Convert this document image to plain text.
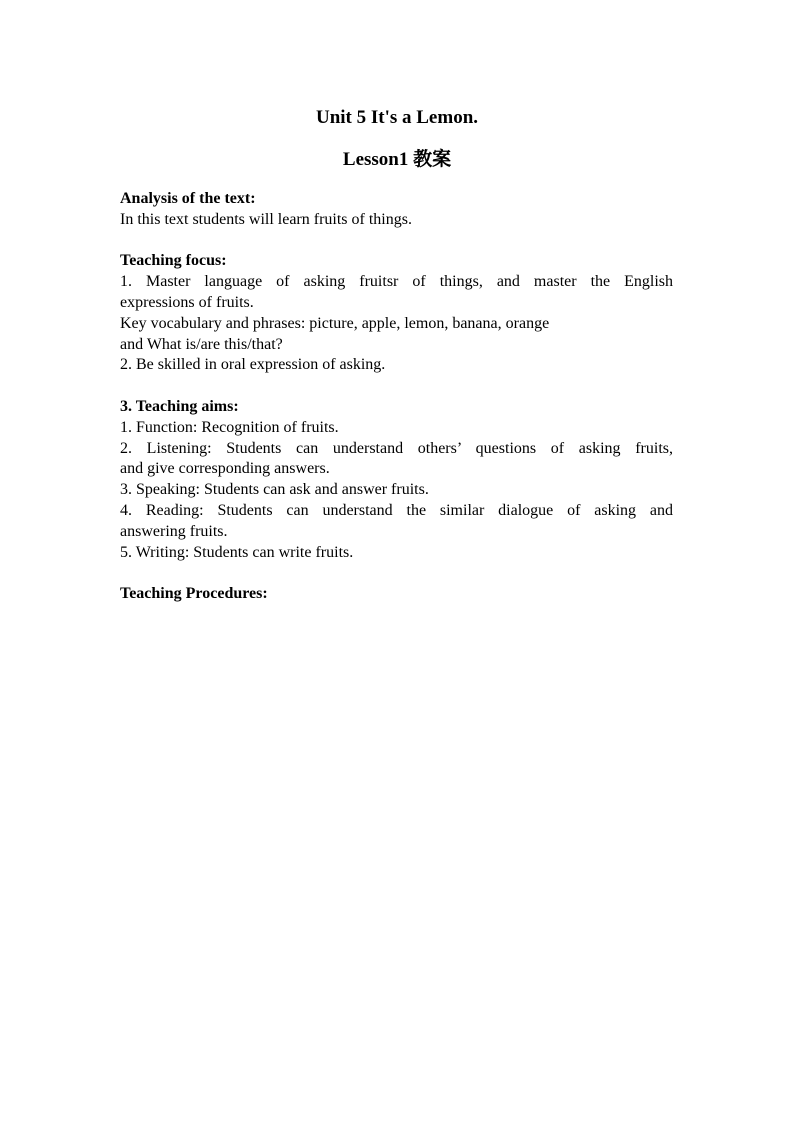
Unit 5 It's a Lemon.
Lesson1 教案

Analysis of the text:

In this text students will learn fruits of things.

Teaching focus:

1. Master language of asking fruitsr of things, and master the English

expressions of fruits.

Key vocabulary and phrases: picture, apple, lemon, banana, orange

and What is/are this/that?

2. Be skilled in oral expression of asking.

3. Teaching aims:

1. Function: Recognition of fruits.

2. Listening: Students can understand others’ questions of asking fruits,

and give corresponding answers.

3. Speaking: Students can ask and answer fruits.

4. Reading: Students can understand the similar dialogue of asking and

answering fruits.

5. Writing: Students can write fruits.

Teaching Procedures:
